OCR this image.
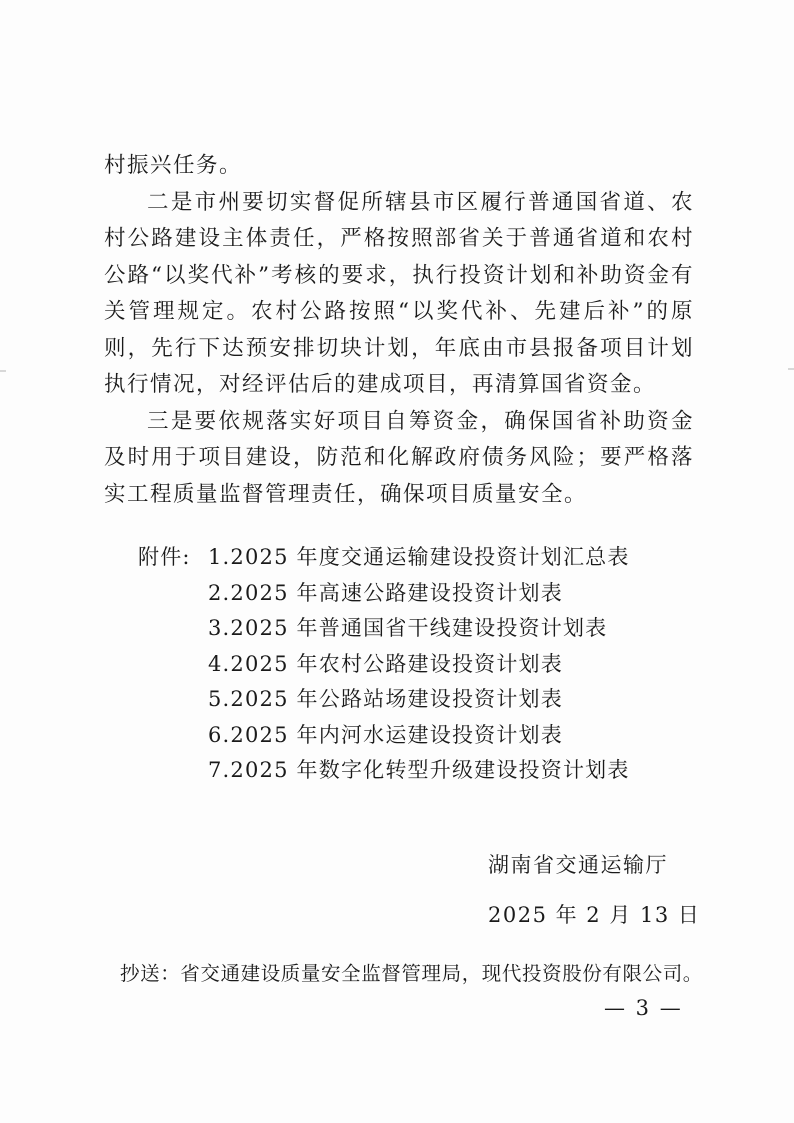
村振兴任务。

二是市州要切实督促所辖县市区履行普通国省道、农村公路建设主体责任，严格按照部省关于普通省道和农村公路“以奖代补”考核的要求，执行投资计划和补助资金有关管理规定。农村公路按照“以奖代补、先建后补”的原则，先行下达预安排切块计划，年底由市县报备项目计划执行情况，对经评估后的建成项目，再清算国省资金。

三是要依规落实好项目自筹资金，确保国省补助资金及时用于项目建设，防范和化解政府债务风险；要严格落实工程质量监督管理责任，确保项目质量安全。

附件: 1.2025 年度交通运输建设投资计划汇总表
2.2025 年高速公路建设投资计划表
3.2025 年普通国省干线建设投资计划表
4.2025 年农村公路建设投资计划表
5.2025 年公路站场建设投资计划表
6.2025 年内河水运建设投资计划表
7.2025 年数字化转型升级建设投资计划表
湖南省交通运输厅
2025 年 2 月 13 日
抄送：省交通建设质量安全监督管理局，现代投资股份有限公司。
— 3 —
